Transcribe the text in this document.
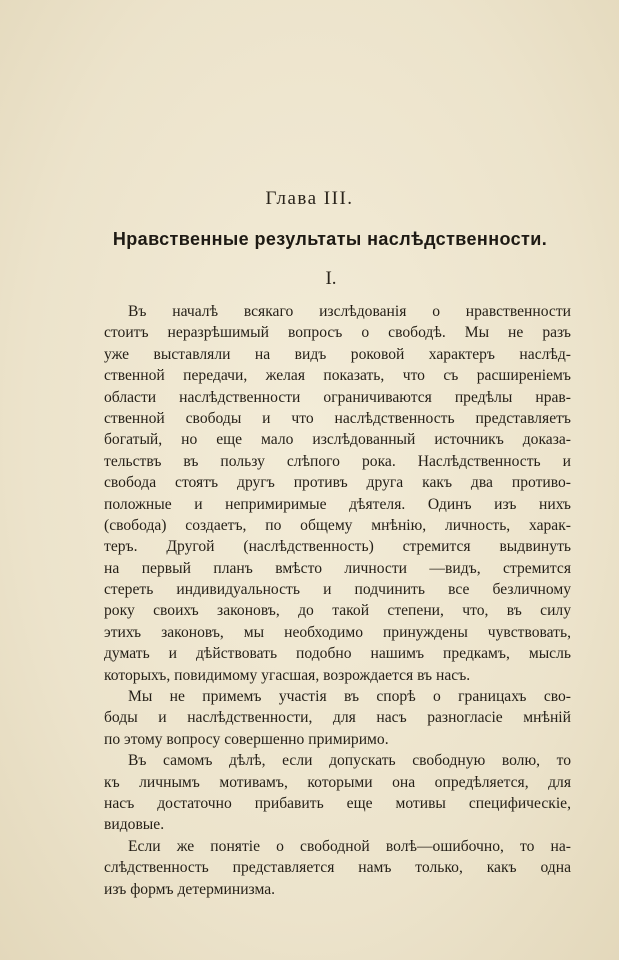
Глава III.
Нравственные результаты наслѣдственности.
I.
Въ началѣ всякаго изслѣдованія о нравственности
стоитъ неразрѣшимый вопросъ о свободѣ. Мы не разъ
уже выставляли на видъ роковой характеръ наслѣд-
ственной передачи, желая показать, что съ расширеніемъ
области наслѣдственности ограничиваются предѣлы нрав-
ственной свободы и что наслѣдственность представляетъ
богатый, но еще мало изслѣдованный источникъ доказа-
тельствъ въ пользу слѣпого рока. Наслѣдственность и
свобода стоятъ другъ противъ друга какъ два противо-
положные и непримиримые дѣятеля. Одинъ изъ нихъ
(свобода) создаетъ, по общему мнѣнію, личность, харак-
теръ. Другой (наслѣдственность) стремится выдвинуть
на первый планъ вмѣсто личности —видъ, стремится
стереть индивидуальность и подчинить все безличному
року своихъ законовъ, до такой степени, что, въ силу
этихъ законовъ, мы необходимо принуждены чувствовать,
думать и дѣйствовать подобно нашимъ предкамъ, мысль
которыхъ, повидимому угасшая, возрождается въ насъ.
Мы не примемъ участія въ спорѣ о границахъ сво-
боды и наслѣдственности, для насъ разногласіе мнѣній
по этому вопросу совершенно примиримо.
Въ самомъ дѣлѣ, если допускать свободную волю, то
къ личнымъ мотивамъ, которыми она опредѣляется, для
насъ достаточно прибавить еще мотивы специфическіе,
видовые.
Если же понятіе о свободной волѣ—ошибочно, то на-
слѣдственность представляется намъ только, какъ одна
изъ формъ детерминизма.
